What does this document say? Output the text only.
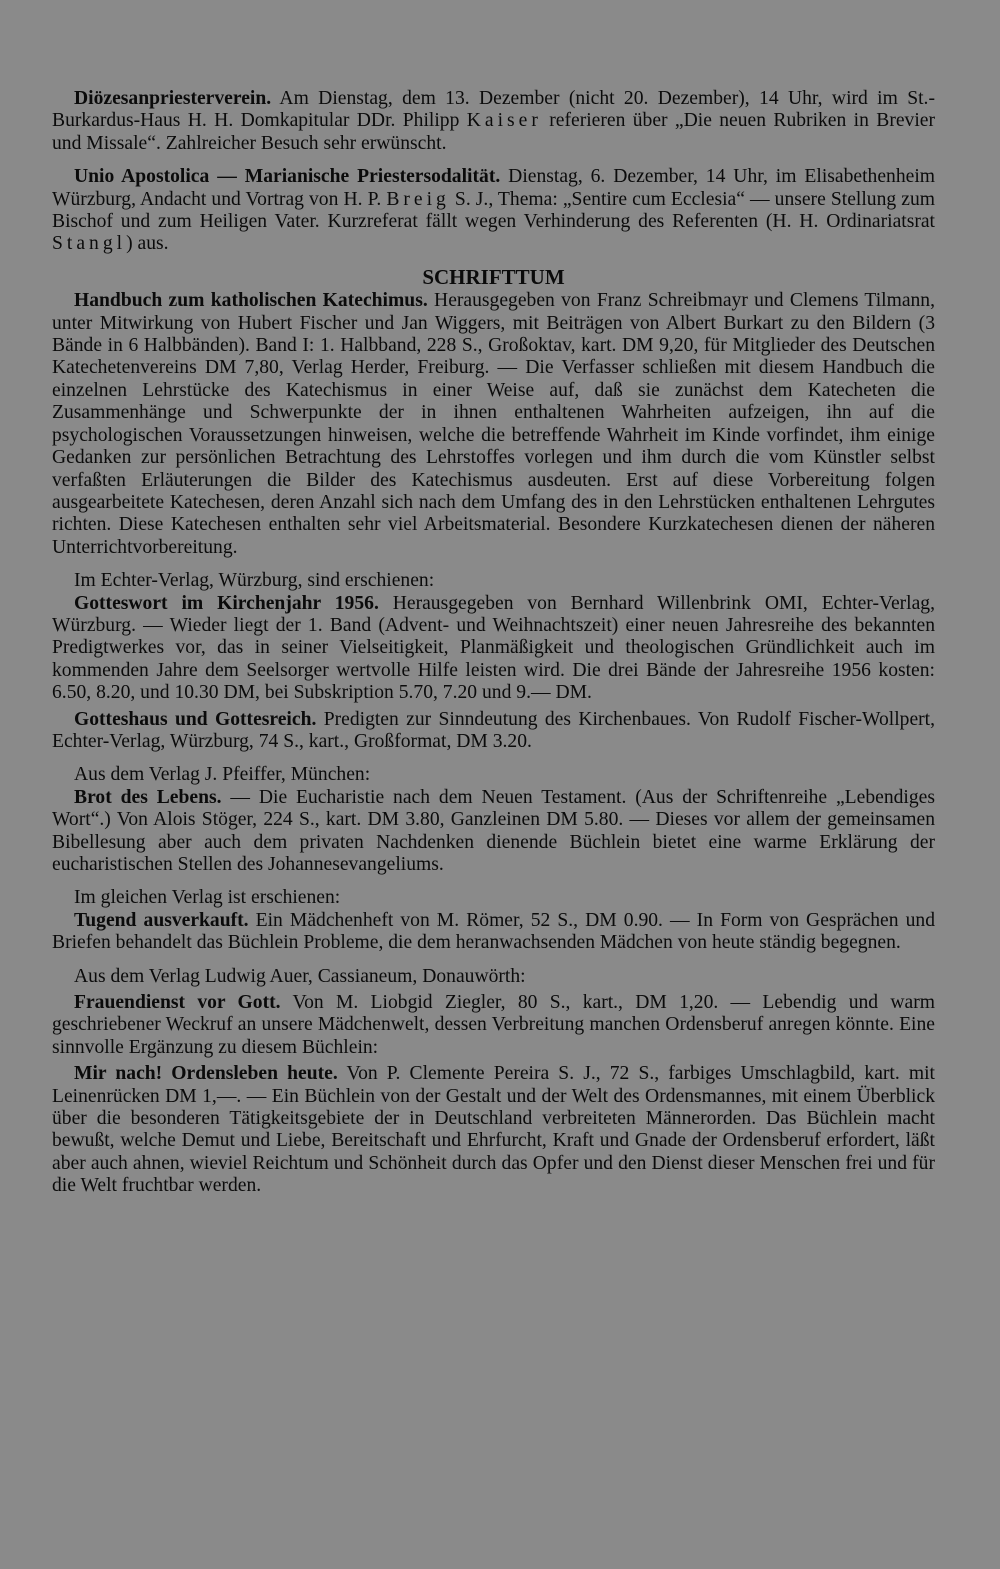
Diözesanpriesterverein. Am Dienstag, dem 13. Dezember (nicht 20. Dezember), 14 Uhr, wird im St.-Burkardus-Haus H. H. Domkapitular DDr. Philipp Kaiser referieren über „Die neuen Rubriken in Brevier und Missale“. Zahlreicher Besuch sehr erwünscht.

Unio Apostolica — Marianische Priestersodalität. Dienstag, 6. Dezember, 14 Uhr, im Elisabethenheim Würzburg, Andacht und Vortrag von H. P. Breig S. J., Thema: „Sentire cum Ecclesia“ — unsere Stellung zum Bischof und zum Heiligen Vater. Kurzreferat fällt wegen Verhinderung des Referenten (H. H. Ordinariatsrat Stangl) aus.

SCHRIFTTUM

Handbuch zum katholischen Katechimus. Herausgegeben von Franz Schreibmayr und Clemens Tilmann, unter Mitwirkung von Hubert Fischer und Jan Wiggers, mit Beiträgen von Albert Burkart zu den Bildern (3 Bände in 6 Halbbänden). Band I: 1. Halbband, 228 S., Großoktav, kart. DM 9,20, für Mitglieder des Deutschen Katechetenvereins DM 7,80, Verlag Herder, Freiburg. — Die Verfasser schließen mit diesem Handbuch die einzelnen Lehrstücke des Katechismus in einer Weise auf, daß sie zunächst dem Katecheten die Zusammenhänge und Schwerpunkte der in ihnen enthaltenen Wahrheiten aufzeigen, ihn auf die psychologischen Voraussetzungen hinweisen, welche die betreffende Wahrheit im Kinde vorfindet, ihm einige Gedanken zur persönlichen Betrachtung des Lehrstoffes vorlegen und ihm durch die vom Künstler selbst verfaßten Erläuterungen die Bilder des Katechismus ausdeuten. Erst auf diese Vorbereitung folgen ausgearbeitete Katechesen, deren Anzahl sich nach dem Umfang des in den Lehrstücken enthaltenen Lehrgutes richten. Diese Katechesen enthalten sehr viel Arbeitsmaterial. Besondere Kurzkatechesen dienen der näheren Unterrichtvorbereitung.

Im Echter-Verlag, Würzburg, sind erschienen:

Gotteswort im Kirchenjahr 1956. Herausgegeben von Bernhard Willenbrink OMI, Echter-Verlag, Würzburg. — Wieder liegt der 1. Band (Advent- und Weihnachtszeit) einer neuen Jahresreihe des bekannten Predigtwerkes vor, das in seiner Vielseitigkeit, Planmäßigkeit und theologischen Gründlichkeit auch im kommenden Jahre dem Seelsorger wertvolle Hilfe leisten wird. Die drei Bände der Jahresreihe 1956 kosten: 6.50, 8.20, und 10.30 DM, bei Subskription 5.70, 7.20 und 9.— DM.

Gotteshaus und Gottesreich. Predigten zur Sinndeutung des Kirchenbaues. Von Rudolf Fischer-Wollpert, Echter-Verlag, Würzburg, 74 S., kart., Großformat, DM 3.20.

Aus dem Verlag J. Pfeiffer, München:

Brot des Lebens. — Die Eucharistie nach dem Neuen Testament. (Aus der Schriftenreihe „Lebendiges Wort“.) Von Alois Stöger, 224 S., kart. DM 3.80, Ganzleinen DM 5.80. — Dieses vor allem der gemeinsamen Bibellesung aber auch dem privaten Nachdenken dienende Büchlein bietet eine warme Erklärung der eucharistischen Stellen des Johannesevangeliums.

Im gleichen Verlag ist erschienen:

Tugend ausverkauft. Ein Mädchenheft von M. Römer, 52 S., DM 0.90. — In Form von Gesprächen und Briefen behandelt das Büchlein Probleme, die dem heranwachsenden Mädchen von heute ständig begegnen.

Aus dem Verlag Ludwig Auer, Cassianeum, Donauwörth:

Frauendienst vor Gott. Von M. Liobgid Ziegler, 80 S., kart., DM 1,20. — Lebendig und warm geschriebener Weckruf an unsere Mädchenwelt, dessen Verbreitung manchen Ordensberuf anregen könnte. Eine sinnvolle Ergänzung zu diesem Büchlein:

Mir nach! Ordensleben heute. Von P. Clemente Pereira S. J., 72 S., farbiges Umschlagbild, kart. mit Leinenrücken DM 1,—. — Ein Büchlein von der Gestalt und der Welt des Ordensmannes, mit einem Überblick über die besonderen Tätigkeitsgebiete der in Deutschland verbreiteten Männerorden. Das Büchlein macht bewußt, welche Demut und Liebe, Bereitschaft und Ehrfurcht, Kraft und Gnade der Ordensberuf erfordert, läßt aber auch ahnen, wieviel Reichtum und Schönheit durch das Opfer und den Dienst dieser Menschen frei und für die Welt fruchtbar werden.
